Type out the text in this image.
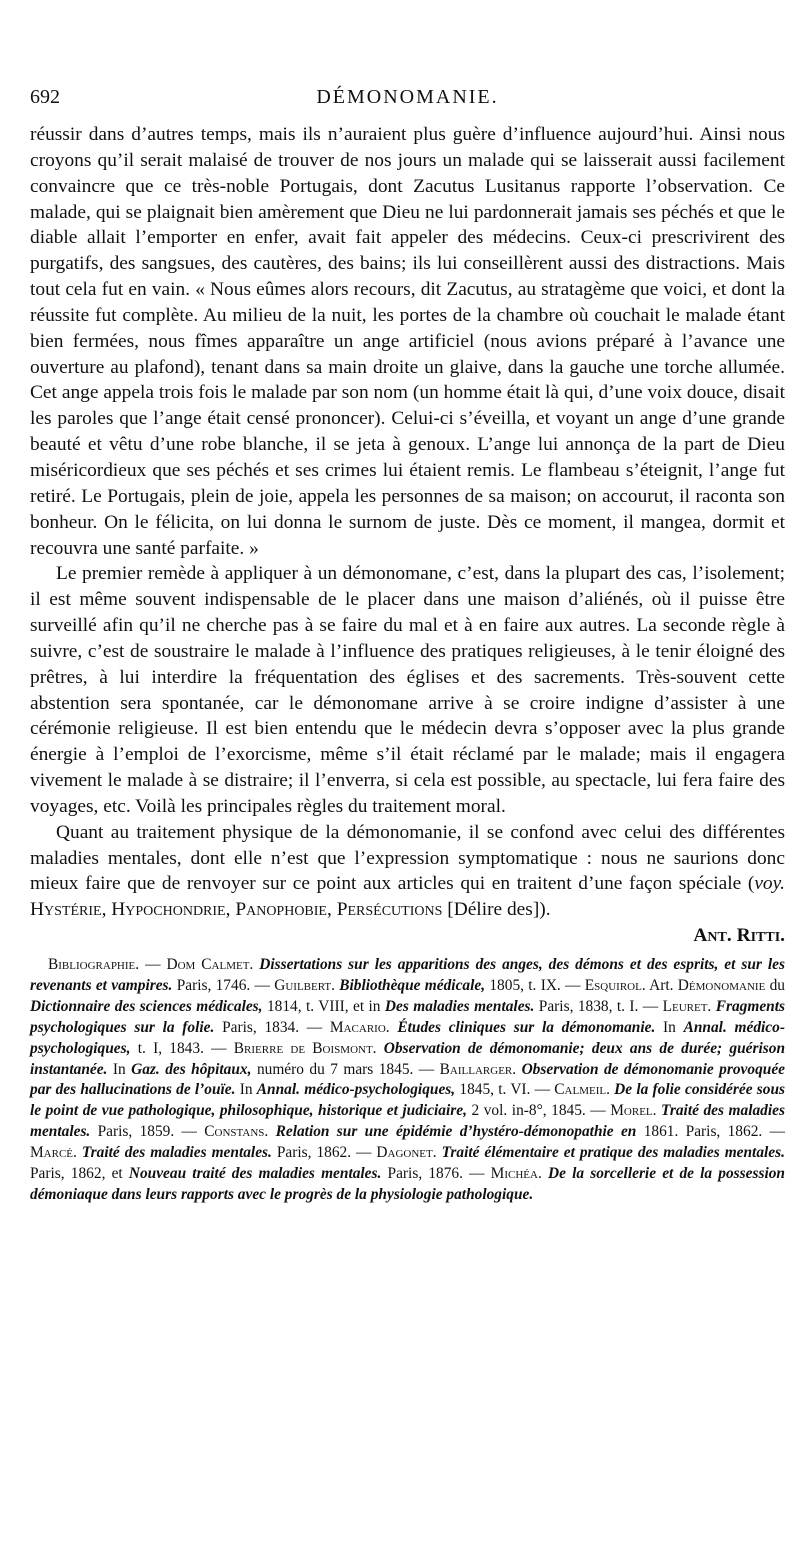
692	DÉMONOMANIE.

réussir dans d’autres temps, mais ils n’auraient plus guère d’influence aujourd’hui. Ainsi nous croyons qu’il serait malaisé de trouver de nos jours un malade qui se laisserait aussi facilement convaincre que ce très-noble Portugais, dont Zacutus Lusitanus rapporte l’observation. Ce malade, qui se plaignait bien amèrement que Dieu ne lui pardonnerait jamais ses péchés et que le diable allait l’emporter en enfer, avait fait appeler des médecins. Ceux-ci prescrivirent des purgatifs, des sangsues, des cautères, des bains; ils lui conseillèrent aussi des distractions. Mais tout cela fut en vain. « Nous eûmes alors recours, dit Zacutus, au stratagème que voici, et dont la réussite fut complète. Au milieu de la nuit, les portes de la chambre où couchait le malade étant bien fermées, nous fîmes apparaître un ange artificiel (nous avions préparé à l’avance une ouverture au plafond), tenant dans sa main droite un glaive, dans la gauche une torche allumée. Cet ange appela trois fois le malade par son nom (un homme était là qui, d’une voix douce, disait les paroles que l’ange était censé prononcer). Celui-ci s’éveilla, et voyant un ange d’une grande beauté et vêtu d’une robe blanche, il se jeta à genoux. L’ange lui annonça de la part de Dieu miséricordieux que ses péchés et ses crimes lui étaient remis. Le flambeau s’éteignit, l’ange fut retiré. Le Portugais, plein de joie, appela les personnes de sa maison; on accourut, il raconta son bonheur. On le félicita, on lui donna le surnom de juste. Dès ce moment, il mangea, dormit et recouvra une santé parfaite. »

Le premier remède à appliquer à un démonomane, c’est, dans la plupart des cas, l’isolement; il est même souvent indispensable de le placer dans une maison d’aliénés, où il puisse être surveillé afin qu’il ne cherche pas à se faire du mal et à en faire aux autres. La seconde règle à suivre, c’est de soustraire le malade à l’influence des pratiques religieuses, à le tenir éloigné des prêtres, à lui interdire la fréquentation des églises et des sacrements. Très-souvent cette abstention sera spontanée, car le démonomane arrive à se croire indigne d’assister à une cérémonie religieuse. Il est bien entendu que le médecin devra s’opposer avec la plus grande énergie à l’emploi de l’exorcisme, même s’il était réclamé par le malade; mais il engagera vivement le malade à se distraire; il l’enverra, si cela est possible, au spectacle, lui fera faire des voyages, etc. Voilà les principales règles du traitement moral.

Quant au traitement physique de la démonomanie, il se confond avec celui des différentes maladies mentales, dont elle n’est que l’expression symptomatique : nous ne saurions donc mieux faire que de renvoyer sur ce point aux articles qui en traitent d’une façon spéciale (voy. Hystérie, Hypochondrie, Panophobie, Persécutions [Délire des]).

Ant. Ritti.

Bibliographie. — Dom Calmet. Dissertations sur les apparitions des anges, des démons et des esprits, et sur les revenants et vampires. Paris, 1746. — Guilbert. Bibliothèque médicale, 1805, t. IX. — Esquirol. Art. Démonomanie du Dictionnaire des sciences médicales, 1814, t. VIII, et in Des maladies mentales. Paris, 1838, t. I. — Leuret. Fragments psychologiques sur la folie. Paris, 1834. — Macario. Études cliniques sur la démonomanie. In Annal. médico-psychologiques, t. I, 1843. — Brierre de Boismont. Observation de démonomanie; deux ans de durée; guérison instantanée. In Gaz. des hôpitaux, numéro du 7 mars 1845. — Baillarger. Observation de démonomanie provoquée par des hallucinations de l’ouïe. In Annal. médico-psychologiques, 1845, t. VI. — Calmeil. De la folie considérée sous le point de vue pathologique, philosophique, historique et judiciaire, 2 vol. in-8°, 1845. — Morel. Traité des maladies mentales. Paris, 1859. — Constans. Relation sur une épidémie d’hystéro-démonopathie en 1861. Paris, 1862. — Marcé. Traité des maladies mentales. Paris, 1862. — Dagonet. Traité élémentaire et pratique des maladies mentales. Paris, 1862, et Nouveau traité des maladies mentales. Paris, 1876. — Michéa. De la sorcellerie et de la possession démoniaque dans leurs rapports avec le progrès de la physiologie pathologique.
